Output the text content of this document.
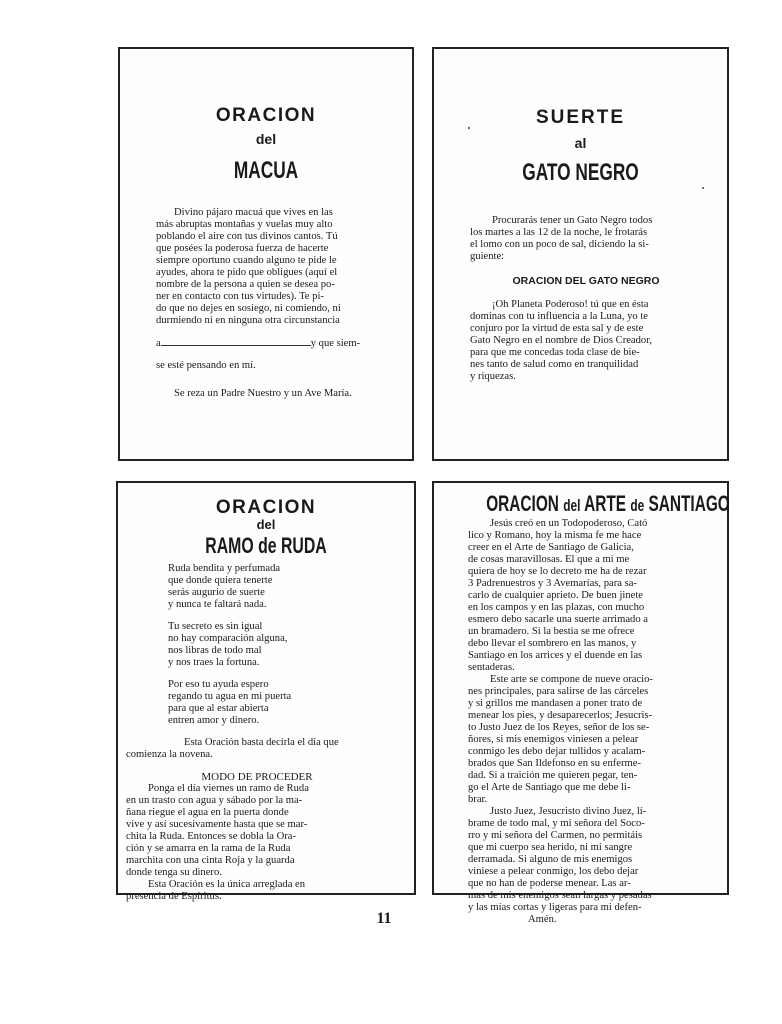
ORACION
del
MACUA
Divino pájaro macuá que vives en las
más abruptas montañas y vuelas muy alto
poblando el aire con tus divinos cantos. Tú
que posées la poderosa fuerza de hacerte
siempre oportuno cuando alguno te pide le
ayudes, ahora te pido que obligues (aquí el
nombre de la persona a quien se desea po-
ner en contacto con tus virtudes). Te pi-
do que no dejes en sosiego, ni comiendo, ni
durmiendo ni en ninguna otra circunstancia
a	y que siem-
se esté pensando en mí.
Se reza un Padre Nuestro y un Ave María.
SUERTE
al
GATO NEGRO
Procurarás tener un Gato Negro todos
los martes a las 12 de la noche, le frotarás
el lomo con un poco de sal, diciendo la si-
guiente:
ORACION DEL GATO NEGRO
¡Oh Planeta Poderoso! tú que en ésta
dominas con tu influencia a la Luna, yo te
conjuro por la virtud de esta sal y de este
Gato Negro en el nombre de Dios Creador,
para que me concedas toda clase de bie-
nes tanto de salud como en tranquilidad
y riquezas.
ORACION
del
RAMO de RUDA
Ruda bendita y perfumada
que donde quiera tenerte
serás augurio de suerte
y nunca te faltará nada.
Tu secreto es sin igual
no hay comparación alguna,
nos libras de todo mal
y nos traes la fortuna.
Por eso tu ayuda espero
regando tu agua en mi puerta
para que al estar abierta
entren amor y dinero.
Esta Oración basta decirla el día que
comienza la novena.
MODO DE PROCEDER
Ponga el día viernes un ramo de Ruda
en un trasto con agua y sábado por la ma-
ñana riegue el agua en la puerta donde
vive y así sucesivamente hasta que se mar-
chita la Ruda. Entonces se dobla la Ora-
ción y se amarra en la rama de la Ruda
marchita con una cinta Roja y la guarda
donde tenga su dinero.
Esta Oración es la única arreglada en
presencia de Espíritus.
ORACION del ARTE de SANTIAGO
Jesús creó en un Todopoderoso, Cató
lico y Romano, hoy la misma fe me hace
creer en el Arte de Santiago de Galicia,
de cosas maravillosas. El que a mí me
quiera de hoy se lo decreto me ha de rezar
3 Padrenuestros y 3 Avemarías, para sa-
carlo de cualquier aprieto. De buen jinete
en los campos y en las plazas, con mucho
esmero debo sacarle una suerte arrimado a
un bramadero. Si la bestia se me ofrece
debo llevar el sombrero en las manos, y
Santiago en los arrices y el duende en las
sentaderas.
Este arte se compone de nueve oracio-
nes principales, para salirse de las cárceles
y si grillos me mandasen a poner trato de
menear los pies, y desaparecerlos; Jesucris-
to Justo Juez de los Reyes, señor de los se-
ñores, si mis enemigos viniesen a pelear
conmigo les debo dejar tullidos y acalam-
brados que San Ildefonso en su enferme-
dad. Si a traición me quieren pegar, ten-
go el Arte de Santiago que me debe li-
brar.
Justo Juez, Jesucristo divino Juez, lí-
brame de todo mal, y mi señora del Soco-
rro y mi señora del Carmen, no permitáis
que mi cuerpo sea herido, ni mi sangre
derramada. Si alguno de mis enemigos
viniese a pelear conmigo, los debo dejar
que no han de poderse menear. Las ar-
mas de mis enemigos sean largas y pesadas
y las mías cortas y ligeras para mi defen-
Amén.
11
